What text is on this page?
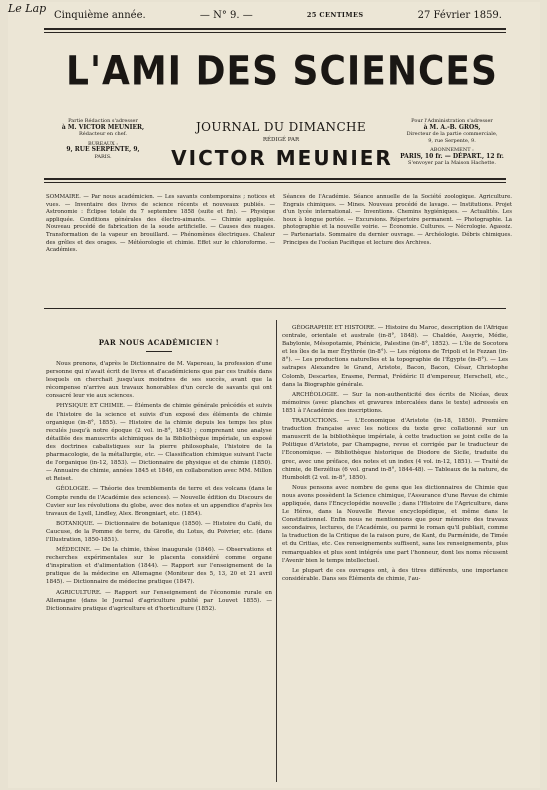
Le Lap Cinquième année.	— N° 9. —	25 CENTIMES	27 Février 1859.
L'AMI DES SCIENCES
Partie Rédaction s'adresser
à M. VICTOR MEUNIER,
Rédacteur en chef.
BUREAUX :
9, RUE SERPENTE, 9,
PARIS.
JOURNAL DU DIMANCHE
RÉDIGÉ PAR
VICTOR MEUNIER
Pour l'Administration s'adresser
à M. A.-B. GROS,
Directeur de la partie commerciale,
9, rue Serpente, 9.
ABONNEMENT :
PARIS, 10 fr. — DÉPART., 12 fr.
S'envoyer par la Maison Hachette.
SOMMAIRE. — Par nous académicien. — Les savants contemporains ; notices et vues. — Inventaire des livres de science récents et nouveaux publiés. — Astronomie : Éclipse totale du 7 septembre 1858 (suite et fin). — Physique appliquée. Conditions générales des électro-aimants. — Chimie appliquée. Nouveau procédé de fabrication de la soude artificielle. — Causes des nuages. Transformation de la vapeur en brouillard. — Phénomènes électriques. Chaleur des grêles et des orages. — Météorologie et chimie. Effet sur le chloroforme. — Académies.
Séances de l'Académie. Séance annuelle de la Société zoologique. Agriculture. Engrais chimiques. — Mines. Nouveau procédé de lavage. — Institutions. Projet d'un lycée international. — Inventions. Chemins hygiéniques. — Actualités. Les houx à longue portée. — Excursions. Répertoire permanent. — Photographie. La photographie et la nouvelle voirie. — Économie. Cultures. — Nécrologie. Agassiz. — Partenariats. Sommaire du dernier ouvrage. — Archéologie. Débris chimiques. Principes de l'océan Pacifique et lecture des Archives.
PAR NOUS ACADÉMICIEN !

Nous prenons, d'après le Dictionnaire de M. Vapereau, la profession d'une personne qui n'avait écrit de livres et d'académiciens que par ces traités dans lesquels on cherchait jusqu'aux moindres de ses succès, avant que la récompense n'arrive aux travaux honorables d'un cercle de savants qui ont consacré leur vie aux sciences.

PHYSIQUE ET CHIMIE. — Éléments de chimie générale précédés et suivis de l'histoire de la science et suivis d'un exposé des éléments de chimie organique (in-8°, 1855). — Histoire de la chimie depuis les temps les plus reculés jusqu'à notre époque (2 vol. in-8°, 1843) ; comprenant une analyse détaillée des manuscrits alchimiques de la Bibliothèque impériale, un exposé des doctrines cabalistiques sur la pierre philosophale, l'histoire de la pharmacologie, de la métallurgie, etc. — Classification chimique suivant l'acte de l'organique (in-12, 1853). — Dictionnaire de physique et de chimie (1850). — Annuaire de chimie, années 1845 et 1846, en collaboration avec MM. Millon et Reiset.

GÉOLOGIE. — Théorie des tremblements de terre et des volcans (dans le Compte rendu de l'Académie des sciences). — Nouvelle édition du Discours de Cuvier sur les révolutions du globe, avec des notes et un appendice d'après les travaux de Lyell, Lindley, Alex. Brongniart, etc. (1854).

BOTANIQUE. — Dictionnaire de botanique (1850). — Histoire du Café, du Caucuse, de la Pomme de terre, du Girofle, du Lotus, du Poivrier, etc. (dans l'Illustration, 1850-1851).

MÉDECINE. — De la chimie, thèse inaugurale (1846). — Observations et recherches expérimentales sur le placenta considéré comme organe d'inspiration et d'alimentation (1844). — Rapport sur l'enseignement de la pratique de la médecine en Allemagne (Moniteur des 5, 13, 20 et 21 avril 1845). — Dictionnaire de médecine pratique (1847).

AGRICULTURE. — Rapport sur l'enseignement de l'économie rurale en Allemagne (dans le Journal d'agriculture publié par Louvet 1855). — Dictionnaire pratique d'agriculture et d'horticulture (1852).

GÉOGRAPHIE ET HISTOIRE. — Histoire du Maroc, description de l'Afrique centrale, orientale et australe (in-8°, 1848). — Chaldée, Assyrie, Médie, Babylonie, Mésopotamie, Phénicie, Palestine (in-8°, 1852). — L'île de Socotora et les îles de la mer Érythrée (in-8°). — Les régions de Tripoli et le Fezzan (in-8°). — Les productions naturelles et la topographie de l'Égypte (in-8°). — Les satrapes Alexandre le Grand, Aristote, Bacon, Bacon, César, Christophe Colomb, Descartes, Erasme, Fermat, Frédéric II d'empereur, Herschell, etc., dans la Biographie générale.

ARCHÉOLOGIE. — Sur la non-authenticité des écrits de Nicéas, deux mémoires (avec planches et gravures intercalées dans le texte) adressés en 1851 à l'Académie des inscriptions.

TRADUCTIONS. — L'Economique d'Aristote (in-18, 1850). Première traduction française avec les notices du texte grec collationné sur un manuscrit de la bibliothèque impériale, à cette traduction se joint celle de la Politique d'Aristote, par Champagne, revue et corrigée par le traducteur de l'Economique. — Bibliothèque historique de Diodore de Sicile, traduite du grec, avec une préface, des notes et un index (4 vol. in-12, 1851). — Traité de chimie, de Berzélius (6 vol. grand in-8°, 1844-48). — Tableaux de la nature, de Humboldt (2 vol. in-8°, 1850).

Nous pensons avec nombre de gens que les dictionnaires de Chimie que nous avons possèdent la Science chimique, l'Assurance d'une Revue de chimie appliquée, dans l'Encyclopédie nouvelle ; dans l'Histoire de l'Agriculture, dans Le Héros, dans la Nouvelle Revue encyclopédique, et même dans le Constitutionnel. Enfin nous ne mentionnons que pour mémoire des travaux secondaires, lectures, de l'Académie, ou parmi le roman qu'il publiait, comme la traduction de la Critique de la raison pure, de Kant, du Parménide, de Timée et du Critias, etc. Ces renseignements suffisent, sans les renseignements, plus remarquables et plus sont intégrés une part l'honneur, dont les noms récusent l'Avenir bien le temps intellectuel.

Le plupart de ces ouvrages ont, à des titres différents, une importance considérable. Dans ses Éléments de chimie, l'au-
